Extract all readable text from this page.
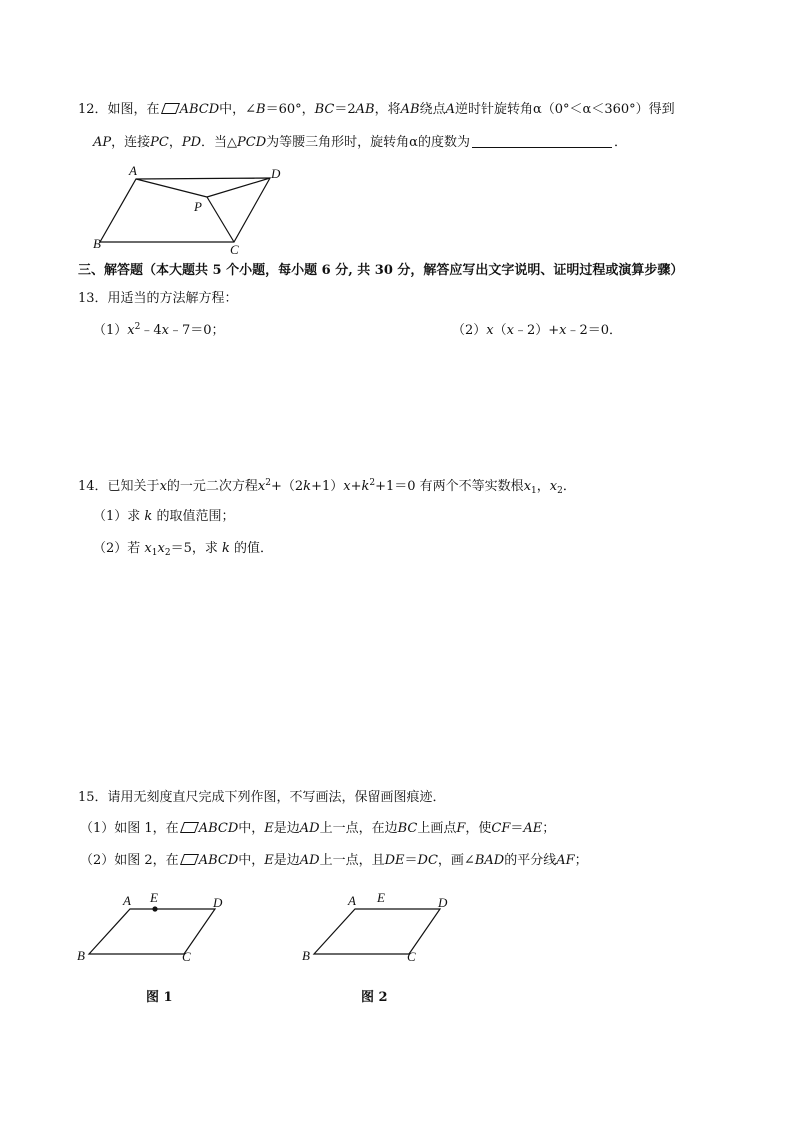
12．如图，在 ABCD中，∠B＝60°，BC＝2AB，将AB绕点A逆时针旋转角α（0°＜α＜360°）得到
AP，连接PC，PD．当△PCD为等腰三角形时，旋转角α的度数为	．
A	D
P
B	C
三、解答题（本大题共 5 个小题，每小题 6 分, 共 30 分，解答应写出文字说明、证明过程或演算步骤）
13．用适当的方法解方程：
$(1)x^2﹣4x﹣7=0$；	（2）x（x﹣2）+x﹣2＝0．
14．已知关于x的一元二次方程$x^2+(2k+1)x+k^2+1=0$ 有两个不等实数根$x_1$，$x_2$．
（1）求 k 的取值范围；
（2）若 $x_1x_2=5$，求 k 的值．
15．请用无刻度直尺完成下列作图，不写画法，保留画图痕迹．
（1）如图 1，在 ABCD中，E是边AD上一点，在边BC上画点F，使CF＝AE；
（2）如图 2，在 ABCD中，E是边AD上一点，且DE＝DC，画∠BAD的平分线AF；
A E	D
B	C
图 1
A E	D
B	C
图 2
